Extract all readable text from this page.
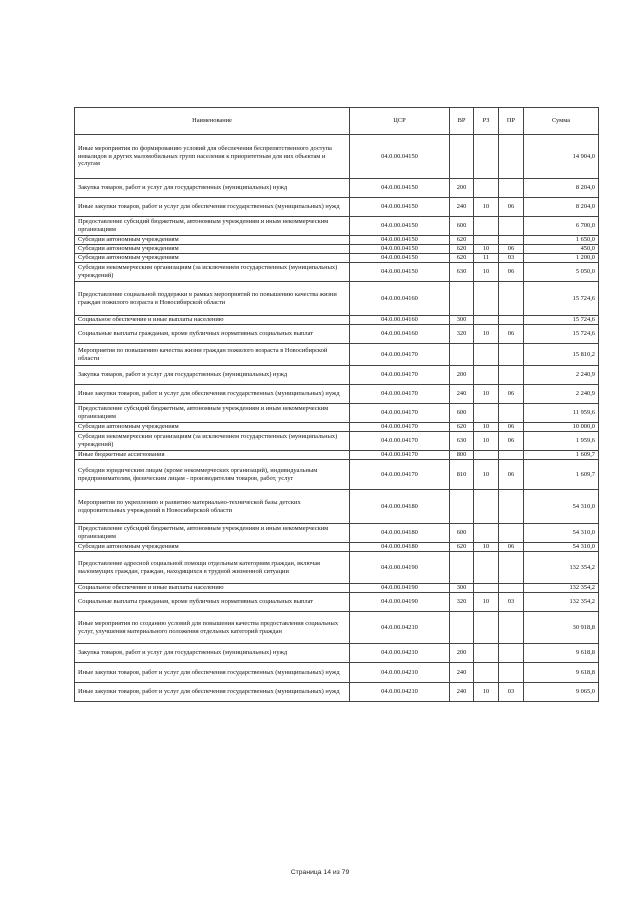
Наименование	ЦСР	ВР	РЗ	ПР	Сумма
Иные мероприятия по формированию условий для обеспечения беспрепятственного доступа инвалидов и других маломобильных групп населения к приоритетным для них объектам и услугам	04.0.00.04150				14 904,0
Закупка товаров, работ и услуг для государственных (муниципальных) нужд	04.0.00.04150	200			8 204,0
Иные закупки товаров, работ и услуг для обеспечения государственных (муниципальных) нужд	04.0.00.04150	240	10	06	8 204,0
Предоставление субсидий бюджетным, автономным учреждениям и иным некоммерческим организациям	04.0.00.04150	600			6 700,0
Субсидии автономным учреждениям	04.0.00.04150	620			1 650,0
Субсидии автономным учреждениям	04.0.00.04150	620	10	06	450,0
Субсидии автономным учреждениям	04.0.00.04150	620	11	03	1 200,0
Субсидии некоммерческим организациям (за исключением государственных (муниципальных) учреждений)	04.0.00.04150	630	10	06	5 050,0
Предоставление социальной поддержки в рамках мероприятий по повышению качества жизни граждан пожилого возраста в Новосибирской области	04.0.00.04160				15 724,6
Социальное обеспечение и иные выплаты населению	04.0.00.04160	300			15 724,6
Социальные выплаты гражданам, кроме публичных нормативных социальных выплат	04.0.00.04160	320	10	06	15 724,6
Мероприятия по повышению качества жизни граждан пожилого возраста в Новосибирской области	04.0.00.04170				15 810,2
Закупка товаров, работ и услуг для государственных (муниципальных) нужд	04.0.00.04170	200			2 240,9
Иные закупки товаров, работ и услуг для обеспечения государственных (муниципальных) нужд	04.0.00.04170	240	10	06	2 240,9
Предоставление субсидий бюджетным, автономным учреждениям и иным некоммерческим организациям	04.0.00.04170	600			11 959,6
Субсидии автономным учреждениям	04.0.00.04170	620	10	06	10 000,0
Субсидии некоммерческим организациям (за исключением государственных (муниципальных) учреждений)	04.0.00.04170	630	10	06	1 959,6
Иные бюджетные ассигнования	04.0.00.04170	800			1 609,7
Субсидии юридическим лицам (кроме некоммерческих организаций), индивидуальным предпринимателям, физическим лицам - производителям товаров, работ, услуг	04.0.00.04170	810	10	06	1 609,7
Мероприятия по укреплению и развитию материально-технической базы детских оздоровительных учреждений в Новосибирской области	04.0.00.04180				54 310,0
Предоставление субсидий бюджетным, автономным учреждениям и иным некоммерческим организациям	04.0.00.04180	600			54 310,0
Субсидии автономным учреждениям	04.0.00.04180	620	10	06	54 310,0
Предоставление адресной социальной помощи отдельным категориям граждан, включая малоимущих граждан, граждан, находящихся в трудной жизненной ситуации	04.0.00.04190				132 354,2
Социальное обеспечение и иные выплаты населению	04.0.00.04190	300			132 354,2
Социальные выплаты гражданам, кроме публичных нормативных социальных выплат	04.0.00.04190	320	10	03	132 354,2
Иные мероприятия по созданию условий для повышения качества предоставления социальных услуг, улучшения материального положения отдельных категорий граждан	04.0.00.04210				30 918,8
Закупка товаров, работ и услуг для государственных (муниципальных) нужд	04.0.00.04210	200			9 618,8
Иные закупки товаров, работ и услуг для обеспечения государственных (муниципальных) нужд	04.0.00.04210	240			9 618,8
Иные закупки товаров, работ и услуг для обеспечения государственных (муниципальных) нужд	04.0.00.04210	240	10	03	9 065,0
Страница 14 из 79
